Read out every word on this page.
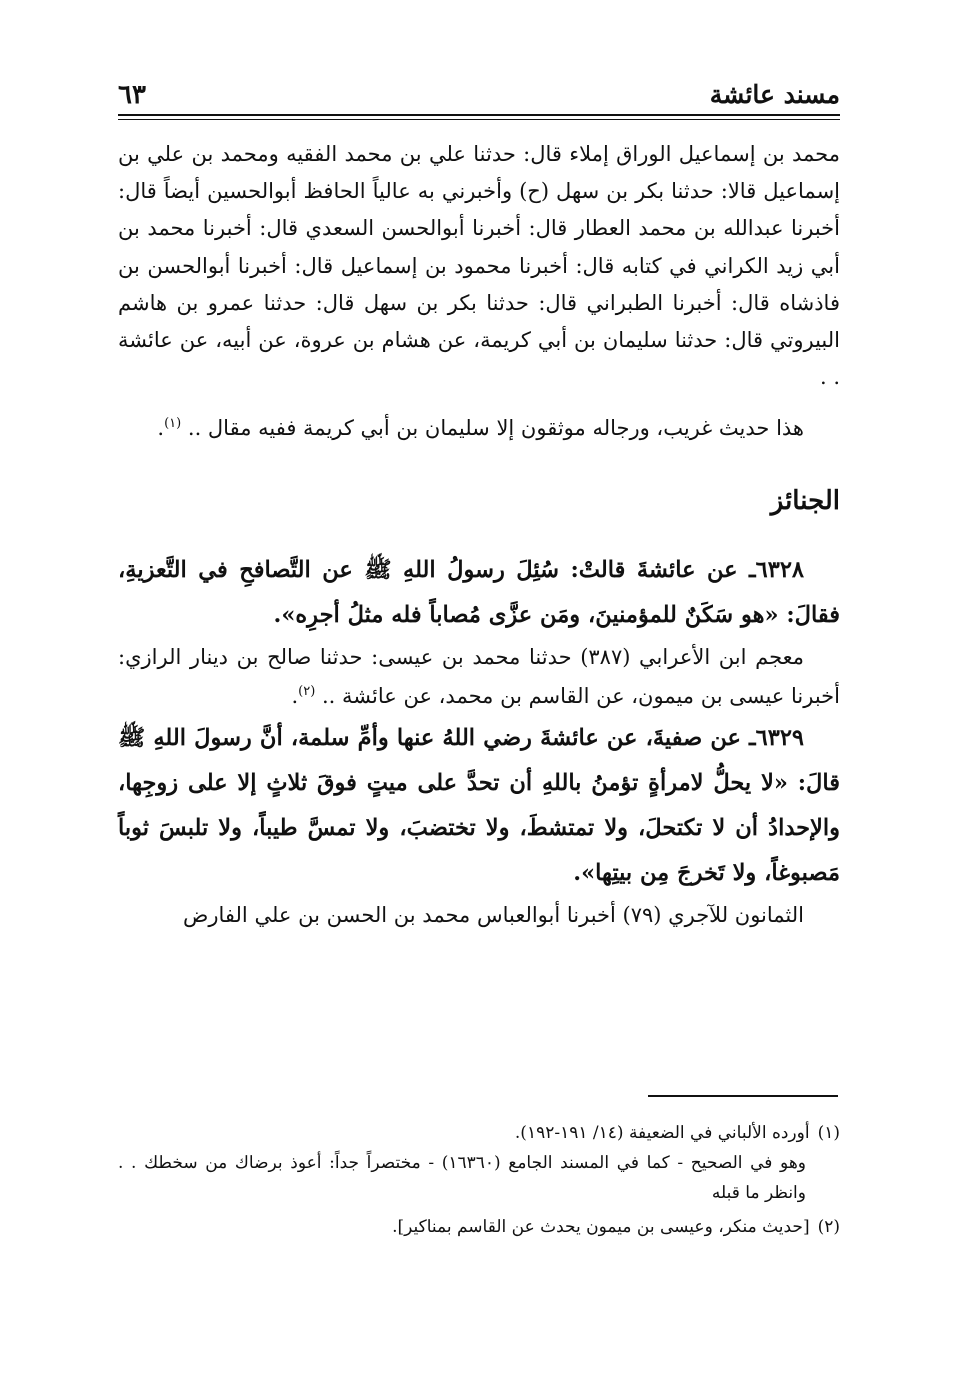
مسند عائشة
٦٣

محمد بن إسماعيل الوراق إملاء قال: حدثنا علي بن محمد الفقيه ومحمد بن علي بن إسماعيل قالا: حدثنا بكر بن سهل (ح) وأخبرني به عالياً الحافظ أبوالحسين أيضاً قال: أخبرنا عبدالله بن محمد العطار قال: أخبرنا أبوالحسن السعدي قال: أخبرنا محمد بن أبي زيد الكراني في كتابه قال: أخبرنا محمود بن إسماعيل قال: أخبرنا أبوالحسن بن فاذشاه قال: أخبرنا الطبراني قال: حدثنا بكر بن سهل قال: حدثنا عمرو بن هاشم البيروتي قال: حدثنا سليمان بن أبي كريمة، عن هشام بن عروة، عن أبيه، عن عائشة . .

هذا حديث غريب، ورجاله موثقون إلا سليمان بن أبي كريمة ففيه مقال .. $^{(١)}$.

الجنائز

٦٣٢٨ـ عن عائشةَ قالتْ: سُئِلَ رسولُ اللهِ ﷺ عن التَّصافحِ في التَّعزيةِ، فقالَ: «هو سَكَنٌ للمؤمنينَ، ومَن عزَّى مُصاباً فله مثلُ أجرِه».

معجم ابن الأعرابي (٣٨٧) حدثنا محمد بن عيسى: حدثنا صالح بن دينار الرازي: أخبرنا عيسى بن ميمون، عن القاسم بن محمد، عن عائشة .. $^{(٢)}$.

٦٣٢٩ـ عن صفيةَ، عن عائشةَ رضي اللهُ عنها وأمِّ سلمة، أنَّ رسولَ اللهِ ﷺ قالَ: «لا يحلُّ لامرأةٍ تؤمنُ باللهِ أن تحدَّ على ميتٍ فوقَ ثلاثٍ إلا على زوجِها، والإحدادُ أن لا تكتحلَ، ولا تمتشطَ، ولا تختضبَ، ولا تمسَّ طيباً، ولا تلبسَ ثوباً مَصبوغاً، ولا تَخرجَ مِن بيتِها».

الثمانون للآجري (٧٩) أخبرنا أبوالعباس محمد بن الحسن بن علي الفارض

(١)
أورده الألباني في الضعيفة (١٤/ ١٩١-١٩٢).

وهو في الصحيح - كما في المسند الجامع (١٦٣٦٠) - مختصراً جداً: أعوذ برضاك من سخطك . . وانظر ما قبله

(٢)
[حديث منكر، وعيسى بن ميمون يحدث عن القاسم بمناكير].
